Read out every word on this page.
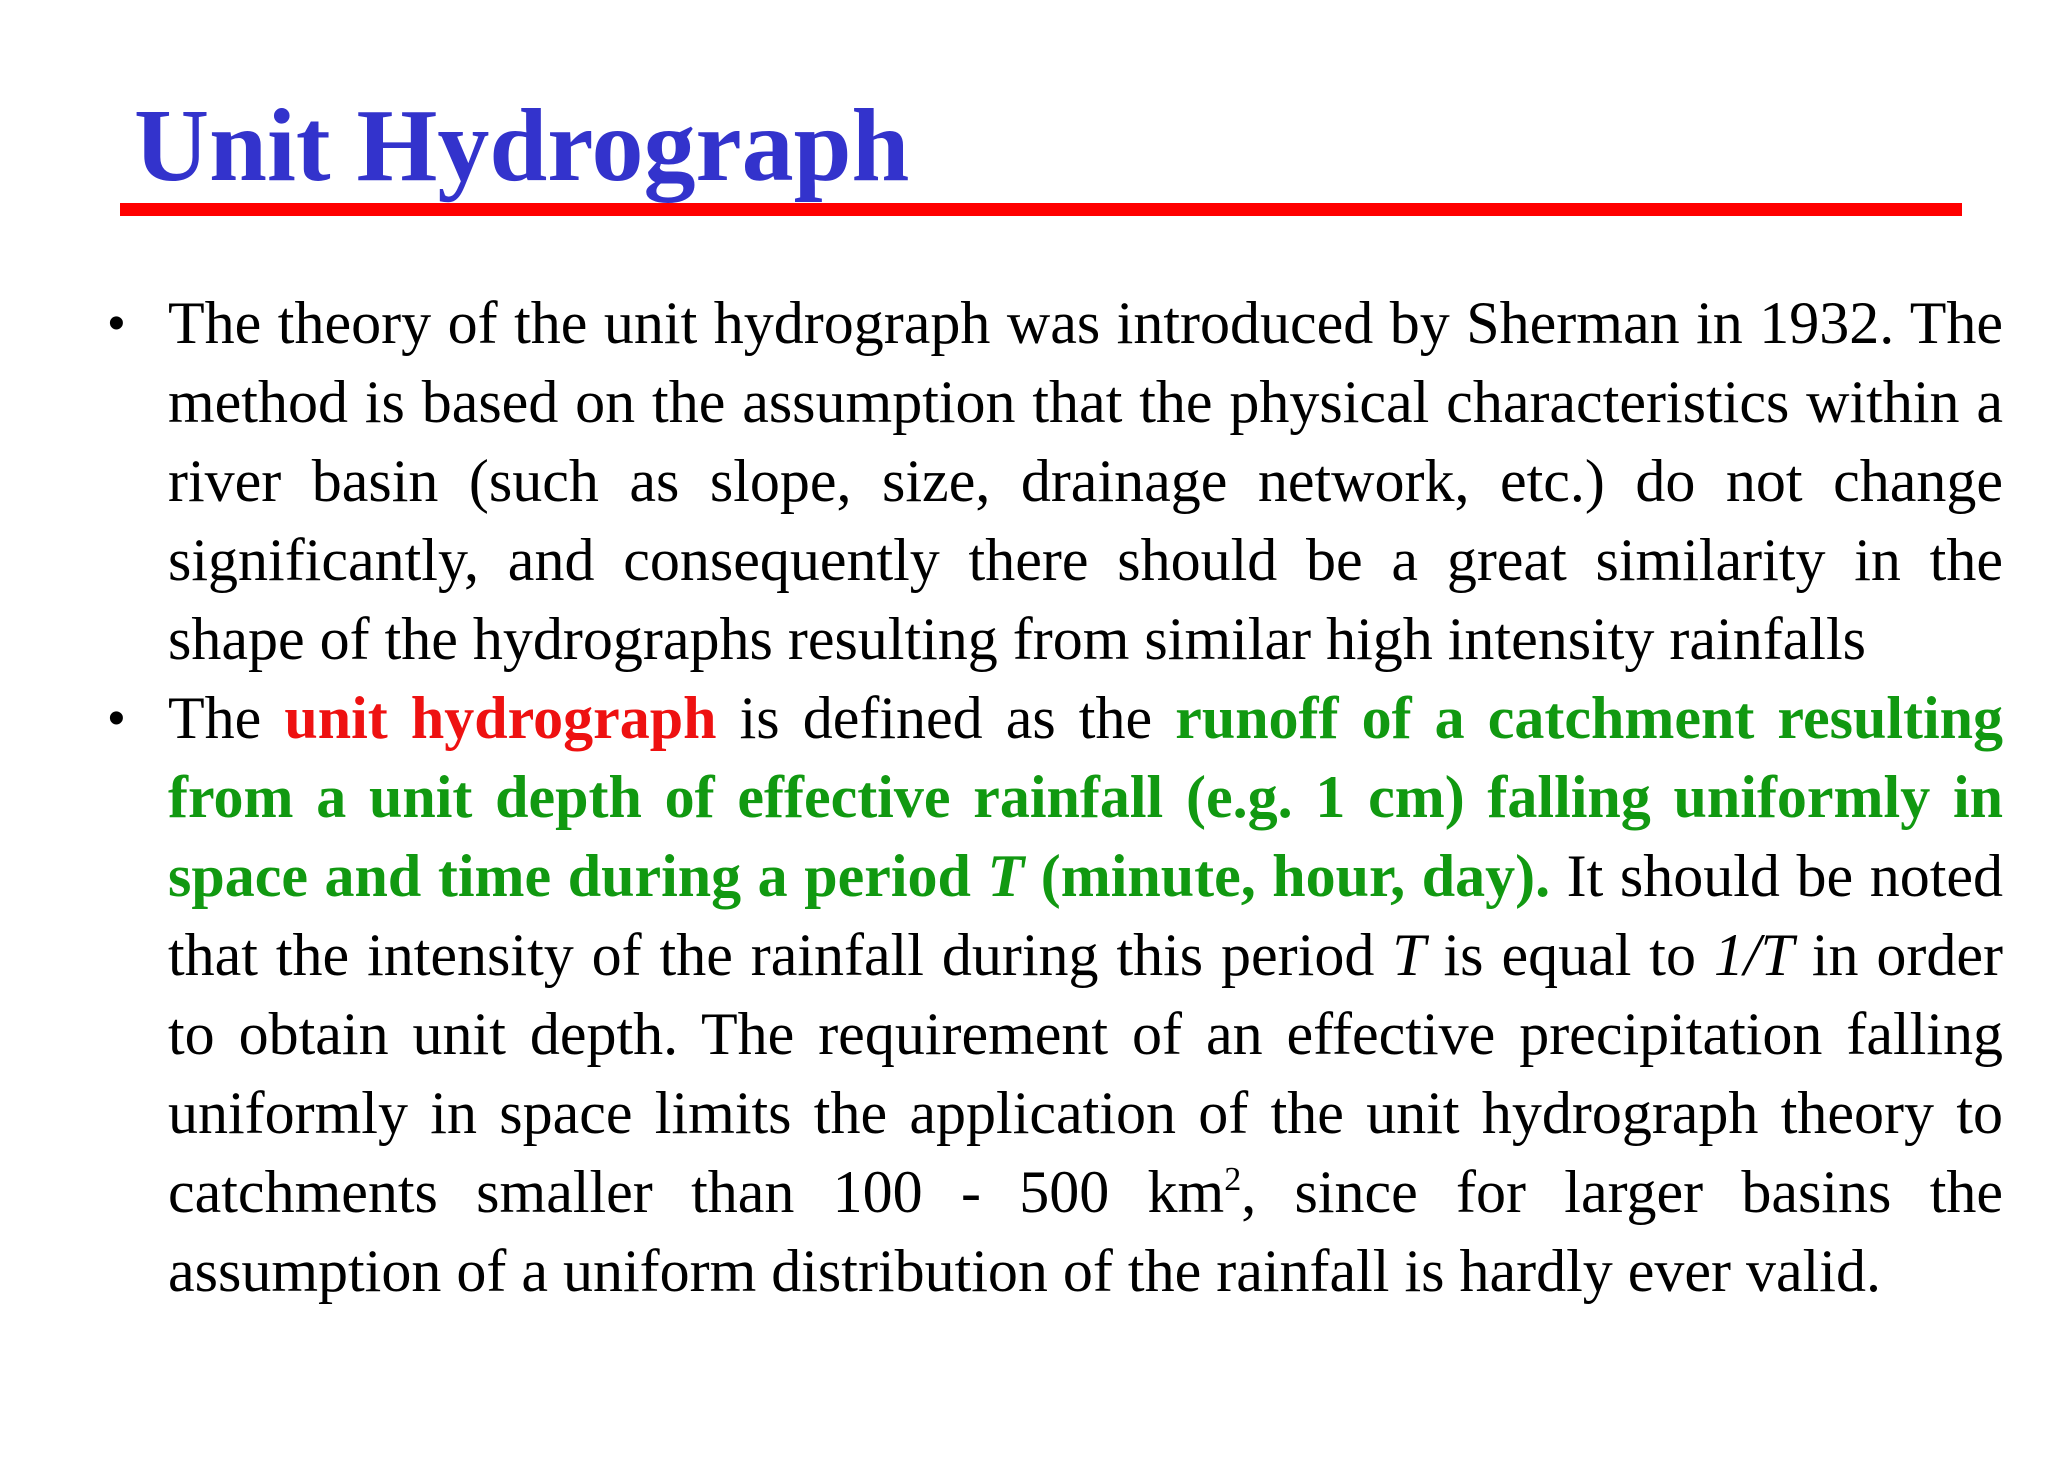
Unit Hydrograph
• The theory of the unit hydrograph was introduced by Sherman in 1932. The method is based on the assumption that the physical characteristics within a river basin (such as slope, size, drainage network, etc.) do not change significantly, and consequently there should be a great similarity in the shape of the hydrographs resulting from similar high intensity rainfalls
• The unit hydrograph is defined as the runoff of a catchment resulting from a unit depth of effective rainfall (e.g. 1 cm) falling uniformly in space and time during a period T (minute, hour, day). It should be noted that the intensity of the rainfall during this period T is equal to 1/T in order to obtain unit depth. The requirement of an effective precipitation falling uniformly in space limits the application of the unit hydrograph theory to catchments smaller than 100 - 500 $km^2$, since for larger basins the assumption of a uniform distribution of the rainfall is hardly ever valid.
